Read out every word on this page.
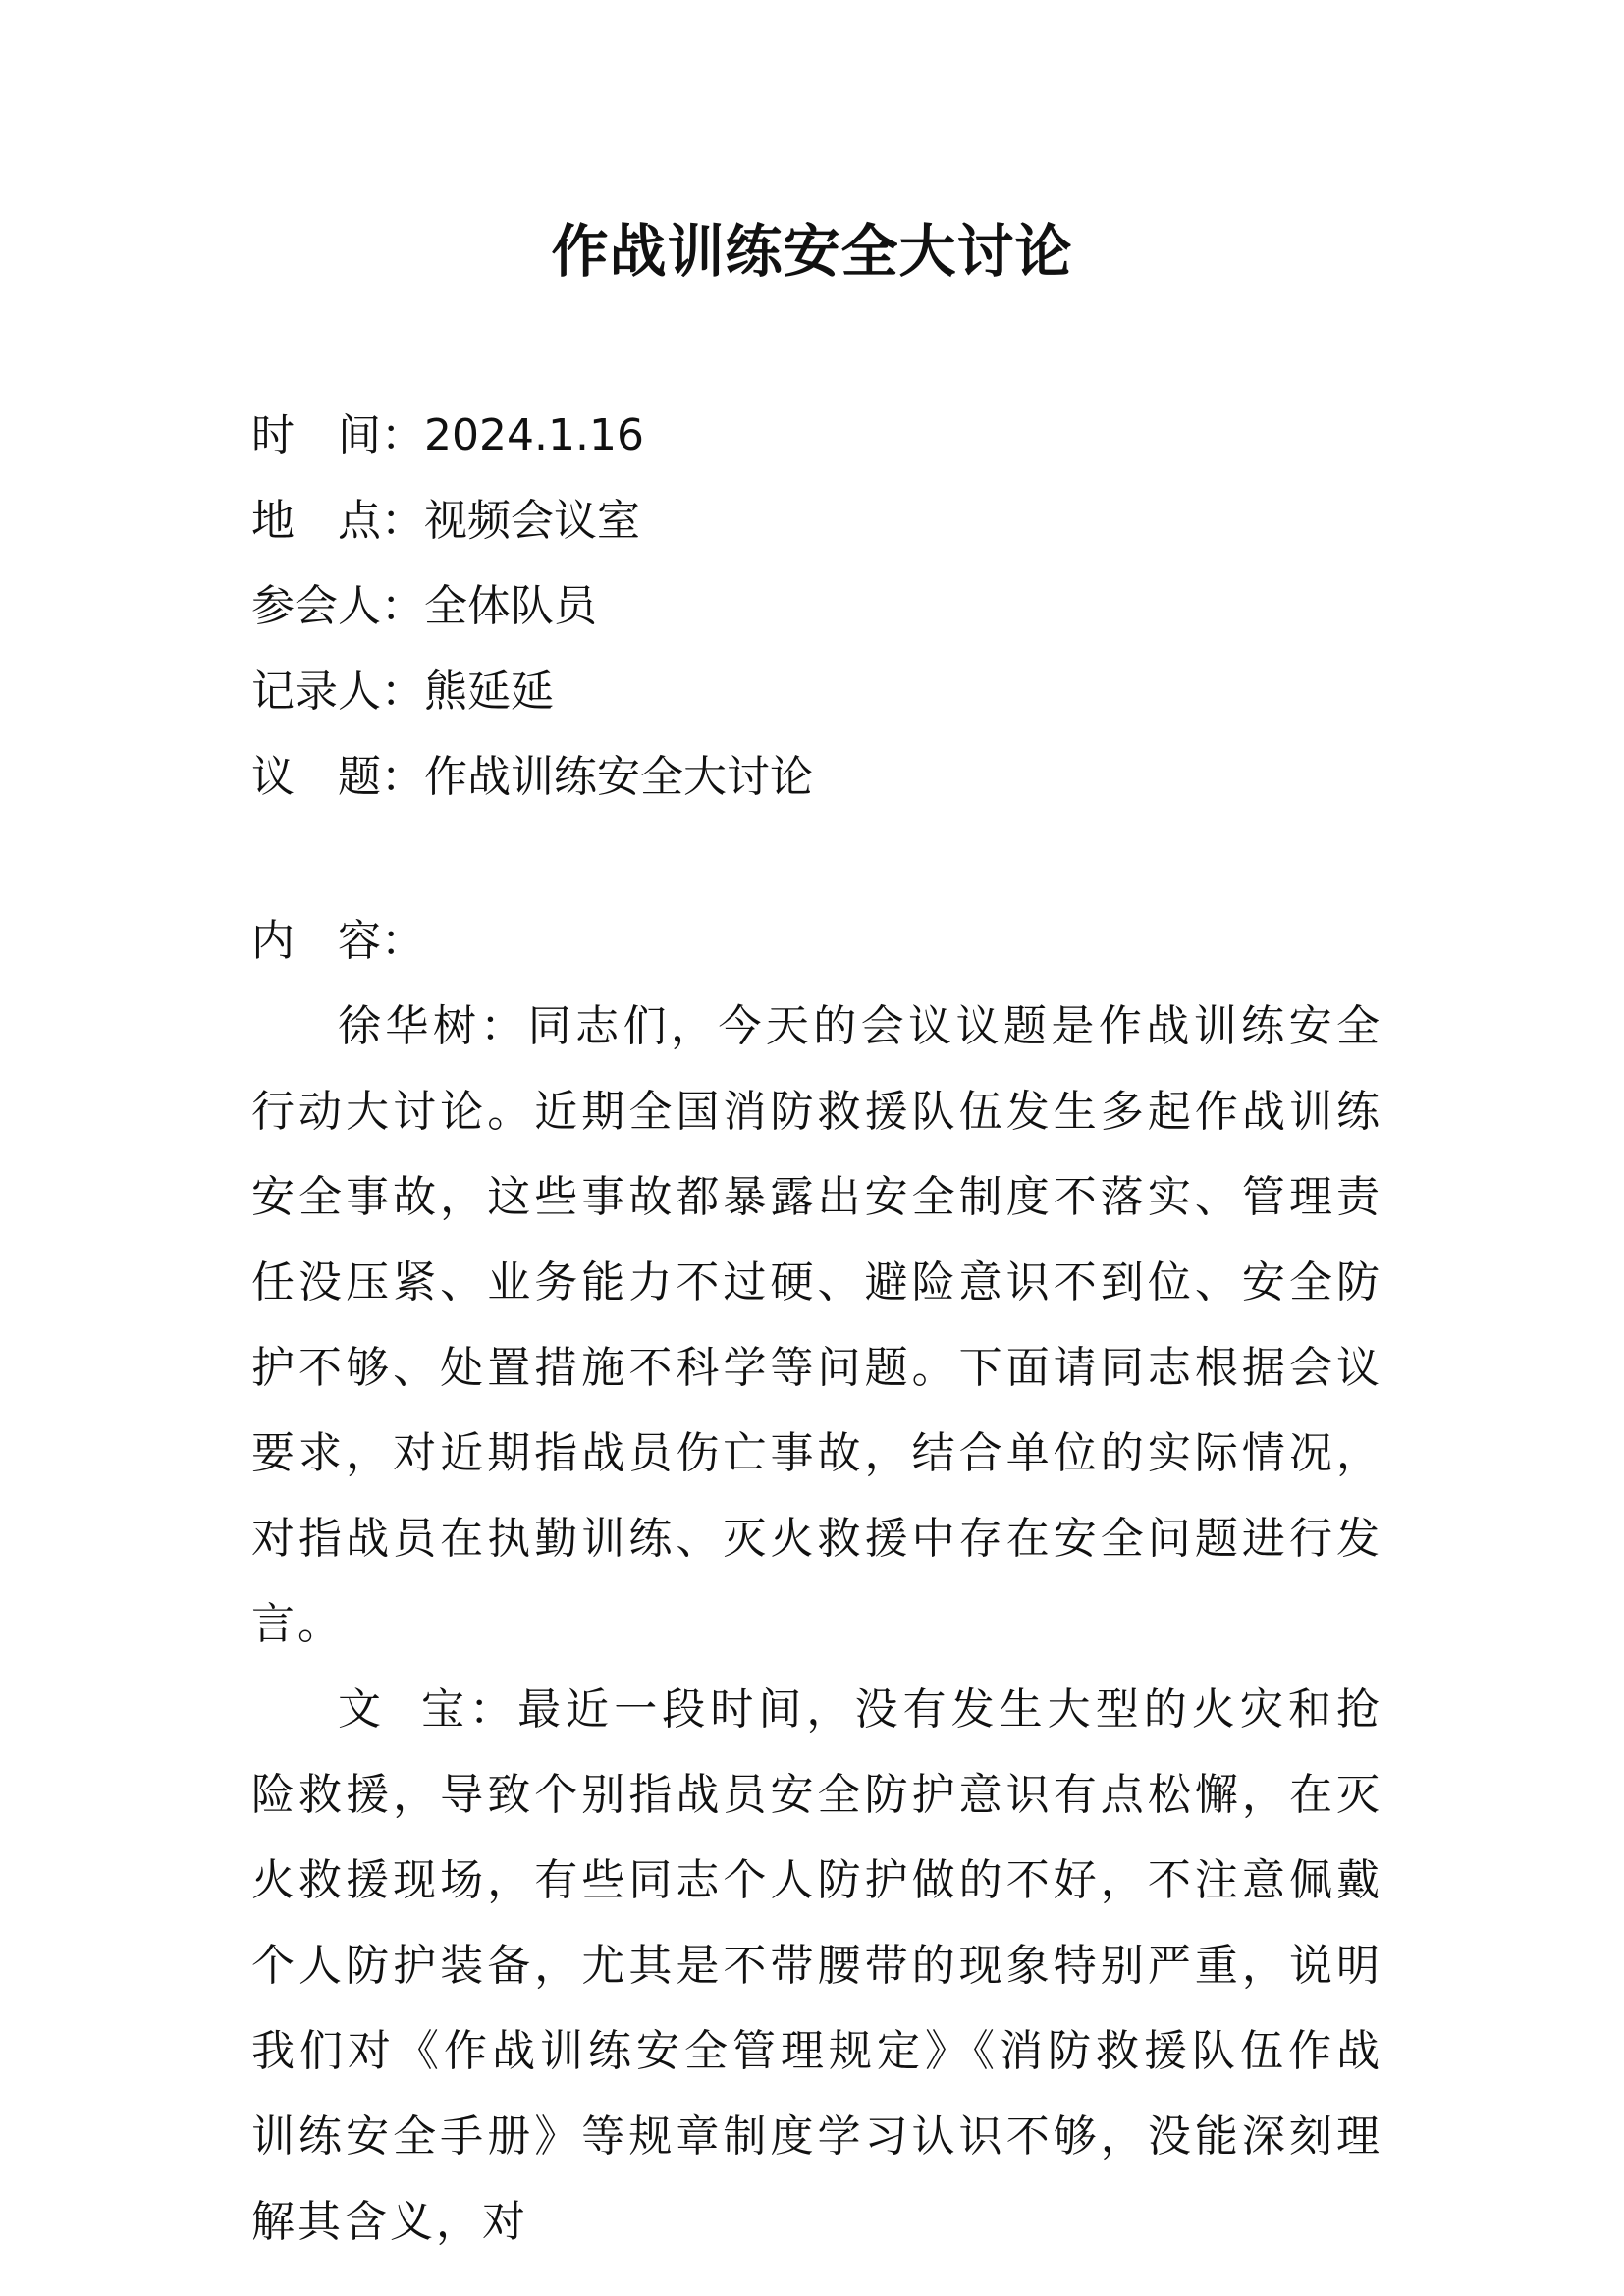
作战训练安全大讨论
时间 ： 2024.1.16
地点 ： 视频会议室
参会人 ： 全体队员
记录人 ： 熊延延
议题 ： 作战训练安全大讨论
内　容：

徐华树：同志们，今天的会议议题是作战训练安全行动大讨论。近期全国消防救援队伍发生多起作战训练安全事故，这些事故都暴露出安全制度不落实、管理责任没压紧、业务能力不过硬、避险意识不到位、安全防护不够、处置措施不科学等问题。下面请同志根据会议要求，对近期指战员伤亡事故，结合单位的实际情况，对指战员在执勤训练、灭火救援中存在安全问题进行发言。

文宝：最近一段时间，没有发生大型的火灾和抢险救援，导致个别指战员安全防护意识有点松懈，在灭火救援现场，有些同志个人防护做的不好，不注意佩戴个人防护装备，尤其是不带腰带的现象特别严重，说明我们对《作战训练安全管理规定》《消防救援队伍作战训练安全手册》等规章制度学习认识不够，没能深刻理解其含义，对
